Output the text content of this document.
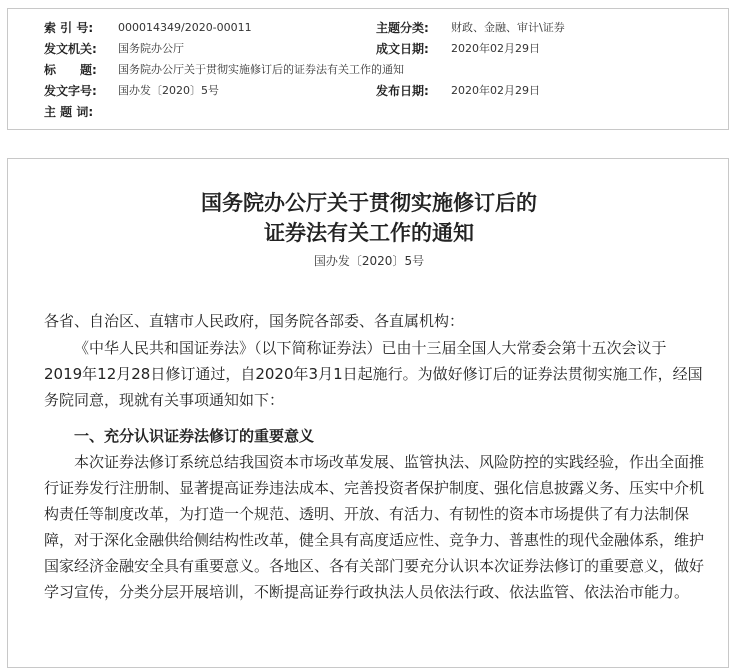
索 引 号: 000014349/2020-00011	主题分类: 财政、金融、审计\证券
发文机关: 国务院办公厅	成文日期: 2020年02月29日
标　　题: 国务院办公厅关于贯彻实施修订后的证券法有关工作的通知
发文字号: 国办发〔2020〕5号	发布日期: 2020年02月29日
主 题 词:
国务院办公厅关于贯彻实施修订后的
证券法有关工作的通知
国办发〔2020〕5号
各省、自治区、直辖市人民政府，国务院各部委、各直属机构：
《中华人民共和国证券法》（以下简称证券法）已由十三届全国人大常委会第十五次会议于2019年12月28日修订通过，自2020年3月1日起施行。为做好修订后的证券法贯彻实施工作，经国务院同意，现就有关事项通知如下：
一、充分认识证券法修订的重要意义
本次证券法修订系统总结我国资本市场改革发展、监管执法、风险防控的实践经验，作出全面推行证券发行注册制、显著提高证券违法成本、完善投资者保护制度、强化信息披露义务、压实中介机构责任等制度改革，为打造一个规范、透明、开放、有活力、有韧性的资本市场提供了有力法制保障，对于深化金融供给侧结构性改革，健全具有高度适应性、竞争力、普惠性的现代金融体系，维护国家经济金融安全具有重要意义。各地区、各有关部门要充分认识本次证券法修订的重要意义，做好学习宣传，分类分层开展培训，不断提高证券行政执法人员依法行政、依法监管、依法治市能力。
